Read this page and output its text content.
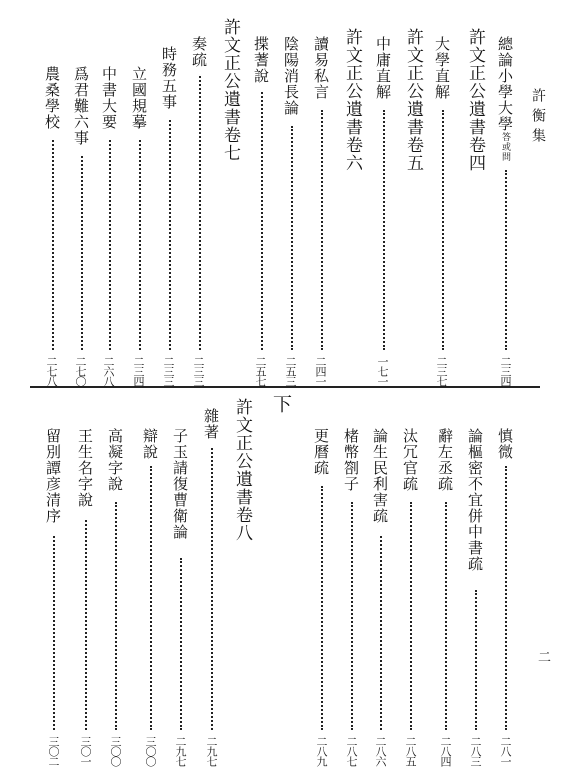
許衡集
二
下
總論小學大學答或問
二三四
許文正公遺書卷四
大學直解
二三七
許文正公遺書卷五
中庸直解
一七一
許文正公遺書卷六
讀易私言
二四一
陰陽消長論
二五三
揲蓍說
二五七
許文正公遺書卷七
奏疏
二三三
時務五事
二三三
立國規摹
二三四
中書大要
二六八
爲君難六事
二七〇
農桑學校
二七八
慎微
二八一
論樞密不宜併中書疏
二八三
辭左丞疏
二八四
汰冗官疏
二八五
論生民利害疏
二八六
楮幣劄子
二八七
更曆疏
二八九
許文正公遺書卷八
雜著
二九七
子玉請復曹衛論
二九七
辯說
三〇〇
高凝字說
三〇〇
王生名字說
三〇一
留別譚彦清序
三〇二
